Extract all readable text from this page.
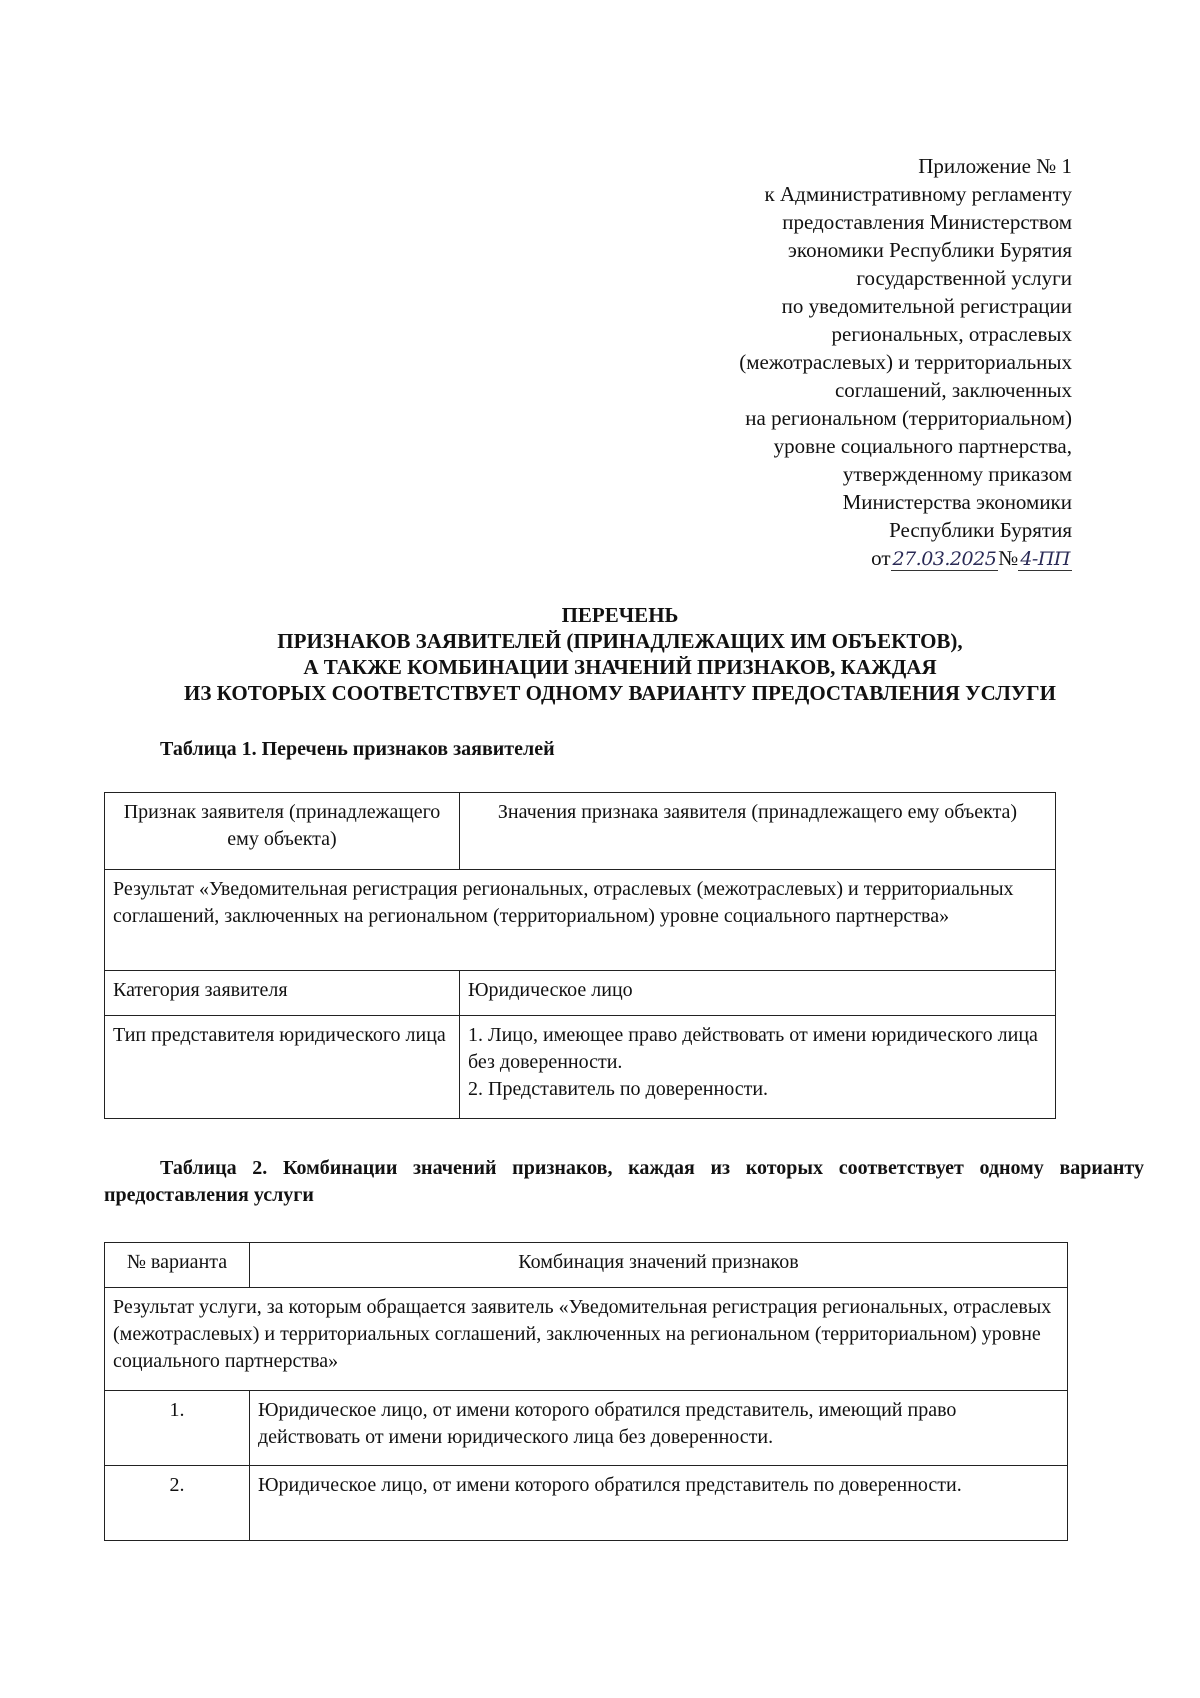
Приложение № 1
к Административному регламенту
предоставления Министерством
экономики Республики Бурятия
государственной услуги
по уведомительной регистрации
региональных, отраслевых
(межотраслевых) и территориальных
соглашений, заключенных
на региональном (территориальном)
уровне социального партнерства,
утвержденному приказом
Министерства экономики
Республики Бурятия
от 27.03.2025№ 4-ПП
ПЕРЕЧЕНЬ
ПРИЗНАКОВ ЗАЯВИТЕЛЕЙ (ПРИНАДЛЕЖАЩИХ ИМ ОБЪЕКТОВ),
А ТАКЖЕ КОМБИНАЦИИ ЗНАЧЕНИЙ ПРИЗНАКОВ, КАЖДАЯ
ИЗ КОТОРЫХ СООТВЕТСТВУЕТ ОДНОМУ ВАРИАНТУ ПРЕДОСТАВЛЕНИЯ УСЛУГИ
Таблица 1. Перечень признаков заявителей
Признак заявителя (принадлежащего ему объекта)	Значения признака заявителя (принадлежащего ему объекта)
Результат «Уведомительная регистрация региональных, отраслевых (межотраслевых) и территориальных соглашений, заключенных на региональном (территориальном) уровне социального партнерства»	
Категория заявителя	Юридическое лицо
Тип представителя юридического лица	1. Лицо, имеющее право действовать от имени юридического лица без доверенности.
2. Представитель по доверенности.
Таблица 2. Комбинации значений признаков, каждая из которых соответствует одному варианту предоставления услуги
№ варианта	Комбинация значений признаков
Результат услуги, за которым обращается заявитель «Уведомительная регистрация региональных, отраслевых (межотраслевых) и территориальных соглашений, заключенных на региональном (территориальном) уровне социального партнерства»	
1.	Юридическое лицо, от имени которого обратился представитель, имеющий право действовать от имени юридического лица без доверенности.
2.	Юридическое лицо, от имени которого обратился представитель по доверенности.
